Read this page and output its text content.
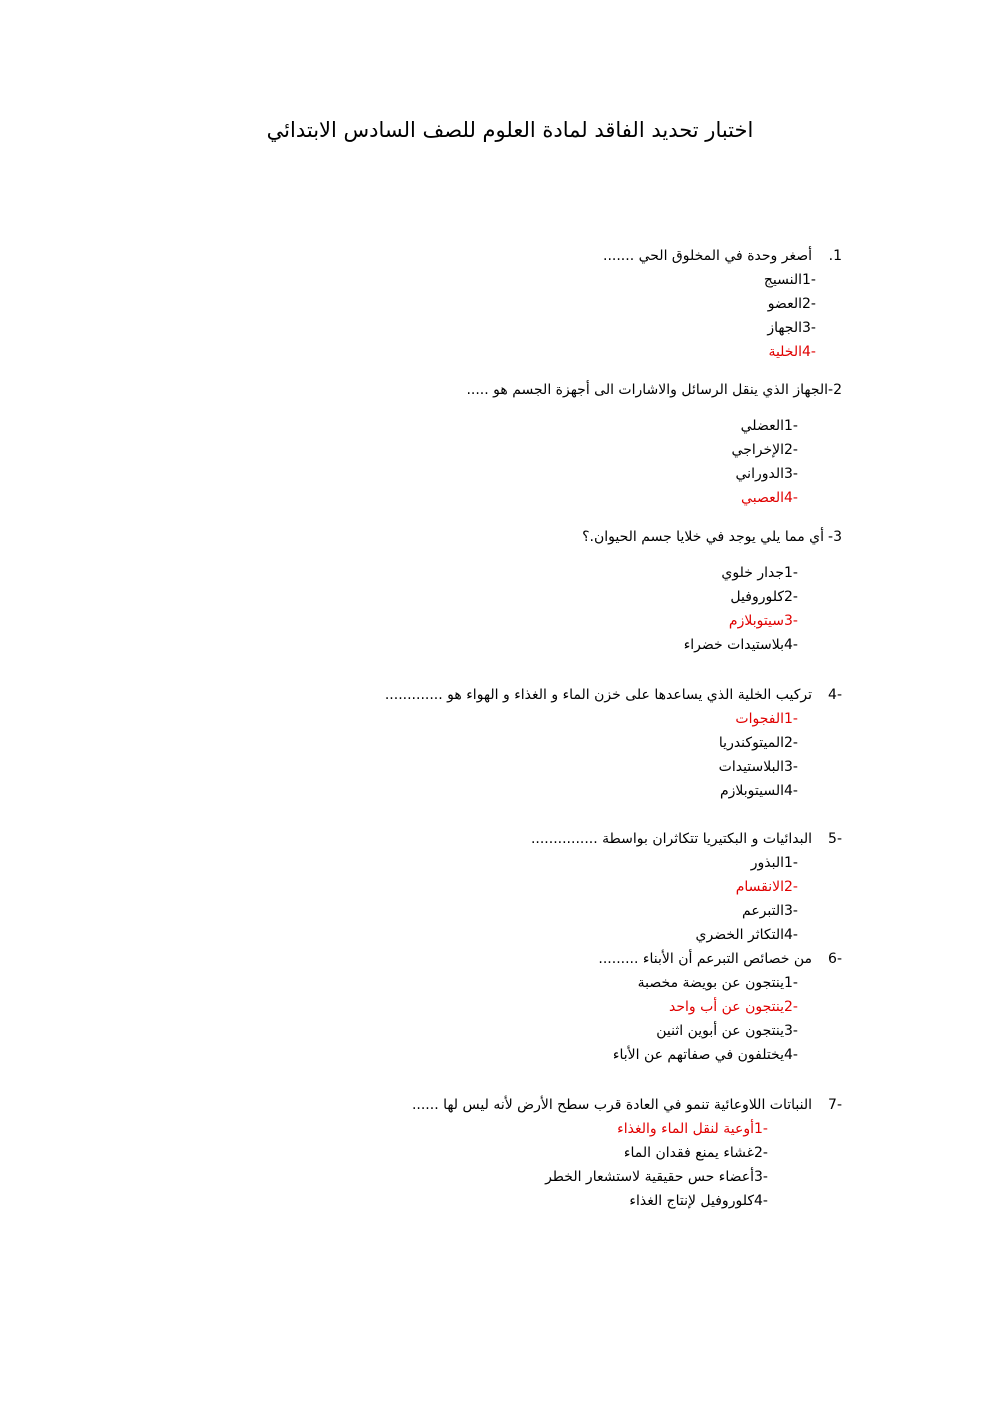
اختبار تحديد الفاقد لمادة العلوم للصف السادس الابتدائي
1.
أصغر وحدة في المخلوق الحي .......
-1
النسيج
-2
العضو
-3
الجهاز
-4
الخلية
2-
الجهاز الذي ينقل الرسائل والاشارات الى أجهزة الجسم هو .....
-1
العضلي
-2
الإخراجي
-3
الدوراني
-4
العصبي
3-
أي مما يلي يوجد في خلايا جسم الحيوان.؟
-1
جدار خلوي
-2
كلوروفيل
-3
سيتوبلازم
-4
بلاستيدات خضراء
-4
تركيب الخلية الذي يساعدها على خزن الماء و الغذاء و الهواء هو .............
-1
الفجوات
-2
الميتوكندريا
-3
البلاستيدات
-4
السيتوبلازم
-5
البدائيات و البكتيريا تتكاثران بواسطة ...............
-1
البذور
-2
الانقسام
-3
التبرعم
-4
التكاثر الخضري
-6
من خصائص التبرعم أن الأبناء .........
-1
ينتجون عن بويضة مخصبة
-2
ينتجون عن أب واحد
-3
ينتجون عن أبوين اثنين
-4
يختلفون في صفاتهم عن الأباء
-7
النباتات اللاوعائية تنمو في العادة قرب سطح الأرض لأنه ليس لها ......
-1
أوعية لنقل الماء والغذاء
-2
غشاء يمنع فقدان الماء
-3
أعضاء حس حقيقية لاستشعار الخطر
-4
كلوروفيل لإنتاج الغذاء
